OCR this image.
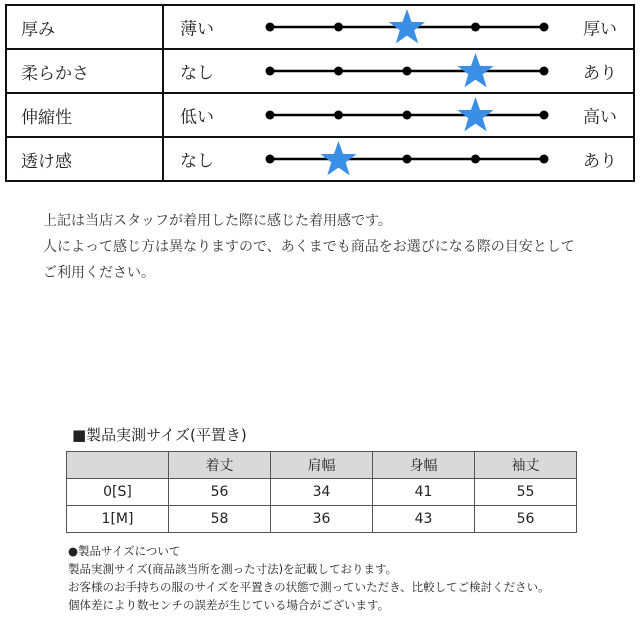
厚み	薄い 厚い

柔らかさ	なし あり

伸縮性	低い 高い

透け感	なし あり

上記は当店スタッフが着用した際に感じた着用感です。

人によって感じ方は異なりますので、あくまでも商品をお選びになる際の目安として

ご利用ください。

■製品実測サイズ(平置き)
	着丈	肩幅	身幅	袖丈
0[S]	56	34	41	55
1[M]	58	36	43	56

●製品サイズについて

製品実測サイズ(商品該当所を測った寸法)を記載しております。

お客様のお手持ちの服のサイズを平置きの状態で測っていただき、比較してご検討ください。

個体差により数センチの誤差が生じている場合がございます。
